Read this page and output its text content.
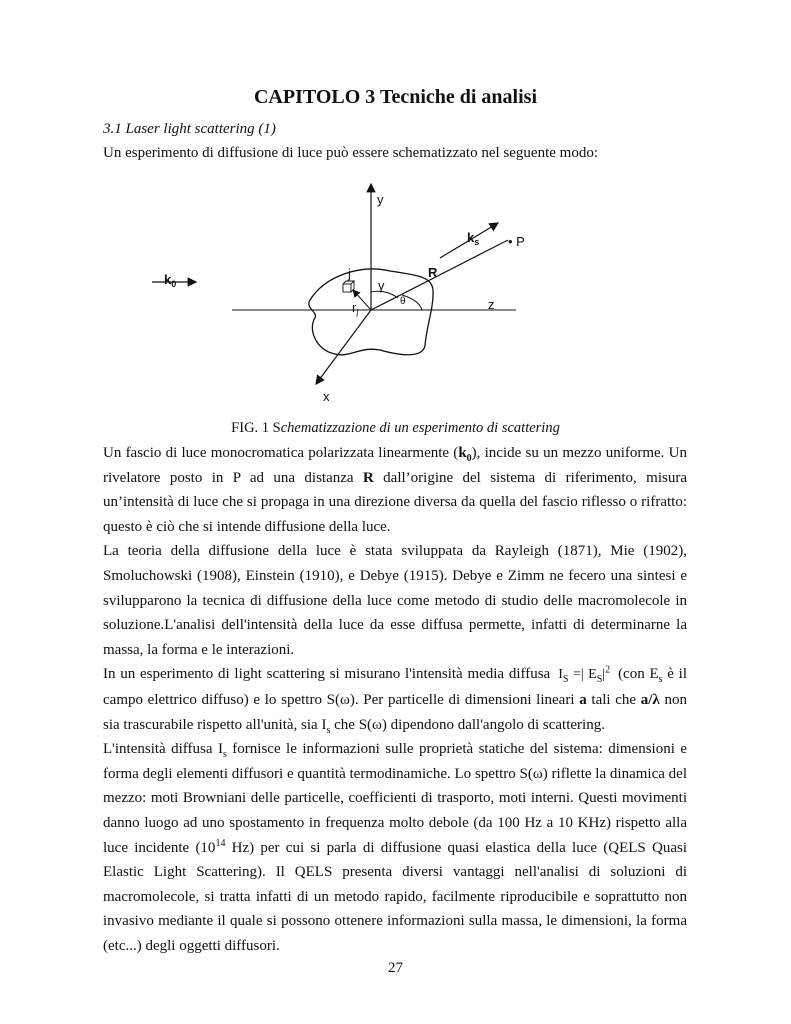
CAPITOLO 3 Tecniche di analisi
3.1 Laser light scattering (1)
Un esperimento di diffusione di luce può essere schematizzato nel seguente modo:
y
z
x
$k_0$
$k_s$ • P
R
j
$r_j$
γ
θ
FIG. 1 Schematizzazione di un esperimento di scattering

Un fascio di luce monocromatica polarizzata linearmente $(k_0)$, incide su un mezzo uniforme. Un rivelatore posto in P ad una distanza R dall’origine del sistema di riferimento, misura un’intensità di luce che si propaga in una direzione diversa da quella del fascio riflesso o rifratto: questo è ciò che si intende diffusione della luce.

La teoria della diffusione della luce è stata sviluppata da Rayleigh (1871), Mie (1902), Smoluchowski (1908), Einstein (1910), e Debye (1915). Debye e Zimm ne fecero una sintesi e svilupparono la tecnica di diffusione della luce come metodo di studio delle macromolecole in soluzione.L'analisi dell'intensità della luce da esse diffusa permette, infatti di determinarne la massa, la forma e le interazioni.

In un esperimento di light scattering si misurano l'intensità media diffusa $I_S$ =| $E_S|^2$ (con $E_s$ è il campo elettrico diffuso) e lo spettro S(ω). Per particelle di dimensioni lineari a tali che a/λ non sia trascurabile rispetto all'unità, sia $I_s$ che S(ω) dipendono dall'angolo di scattering.

L'intensità diffusa $I_s$ fornisce le informazioni sulle proprietà statiche del sistema: dimensioni e forma degli elementi diffusori e quantità termodinamiche. Lo spettro S(ω) riflette la dinamica del mezzo: moti Browniani delle particelle, coefficienti di trasporto, moti interni. Questi movimenti danno luogo ad uno spostamento in frequenza molto debole (da 100 Hz a 10 KHz) rispetto alla luce incidente ($10^{14}$ Hz) per cui si parla di diffusione quasi elastica della luce (QELS Quasi Elastic Light Scattering). Il QELS presenta diversi vantaggi nell'analisi di soluzioni di macromolecole, si tratta infatti di un metodo rapido, facilmente riproducibile e soprattutto non invasivo mediante il quale si possono ottenere informazioni sulla massa, le dimensioni, la forma (etc...) degli oggetti diffusori.

27
